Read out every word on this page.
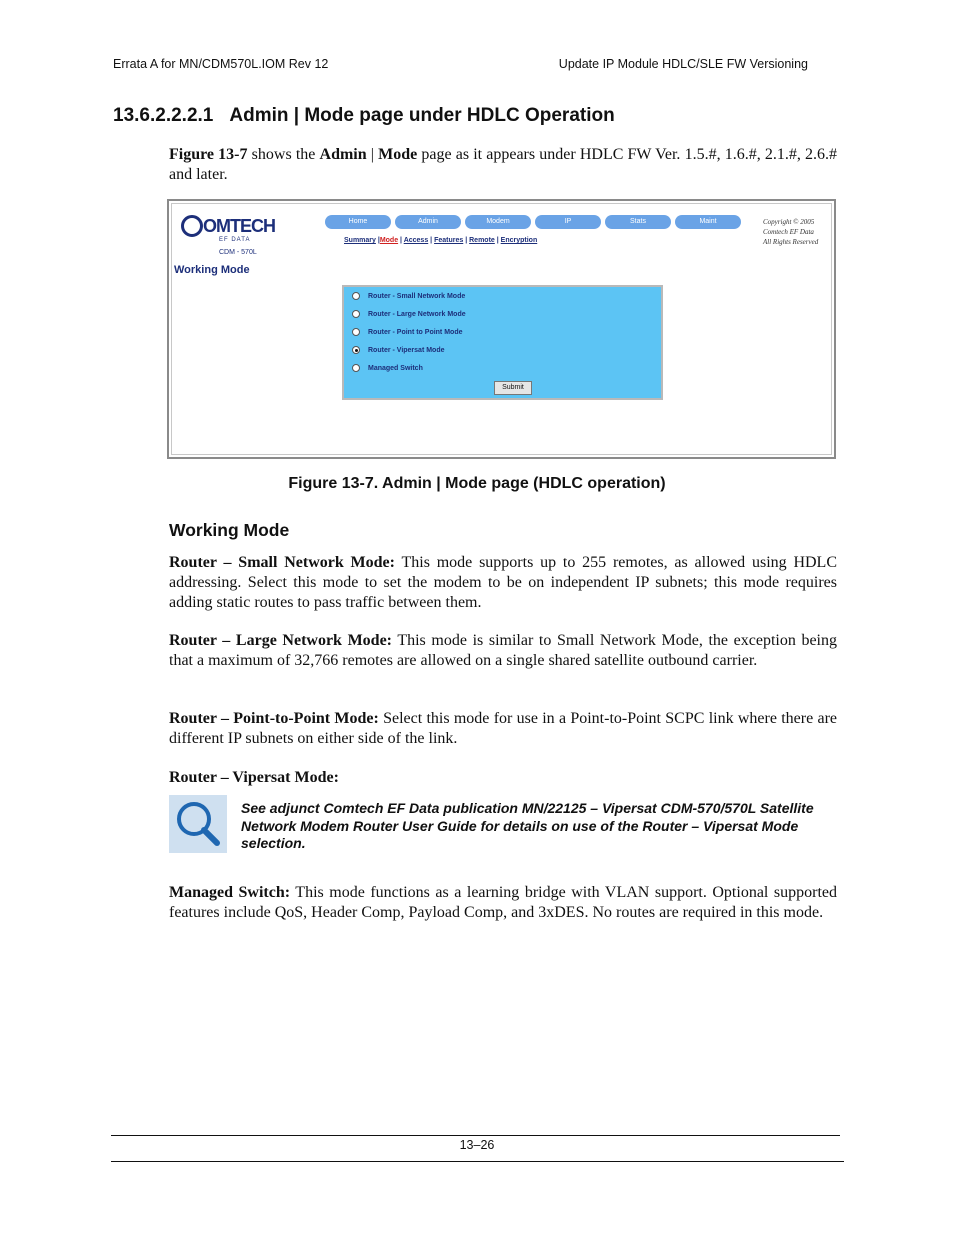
Errata A for MN/CDM570L.IOM Rev 12	Update IP Module HDLC/SLE FW Versioning
13.6.2.2.2.1 Admin | Mode page under HDLC Operation
Figure 13-7 shows the Admin | Mode page as it appears under HDLC FW Ver. 1.5.#, 1.6.#, 2.1.#, 2.6.# and later.
OMTECH
EF DATA
CDM - 570L
Home	Admin	Modem	IP	Stats	Maint
Summary |Mode | Access | Features | Remote | Encryption
Copyright © 2005
Comtech EF Data
All Rights Reserved
Working Mode
Router - Small Network Mode
Router - Large Network Mode
Router - Point to Point Mode
Router - Vipersat Mode
Managed Switch
Submit
Figure 13-7. Admin | Mode page (HDLC operation)
Working Mode
Router – Small Network Mode: This mode supports up to 255 remotes, as allowed using HDLC addressing. Select this mode to set the modem to be on independent IP subnets; this mode requires adding static routes to pass traffic between them.
Router – Large Network Mode: This mode is similar to Small Network Mode, the exception being that a maximum of 32,766 remotes are allowed on a single shared satellite outbound carrier.
Router – Point-to-Point Mode: Select this mode for use in a Point-to-Point SCPC link where there are different IP subnets on either side of the link.
Router – Vipersat Mode:
See adjunct Comtech EF Data publication MN/22125 – Vipersat CDM-570/570L Satellite Network Modem Router User Guide for details on use of the Router – Vipersat Mode selection.
Managed Switch: This mode functions as a learning bridge with VLAN support. Optional supported features include QoS, Header Comp, Payload Comp, and 3xDES. No routes are required in this mode.
13–26
